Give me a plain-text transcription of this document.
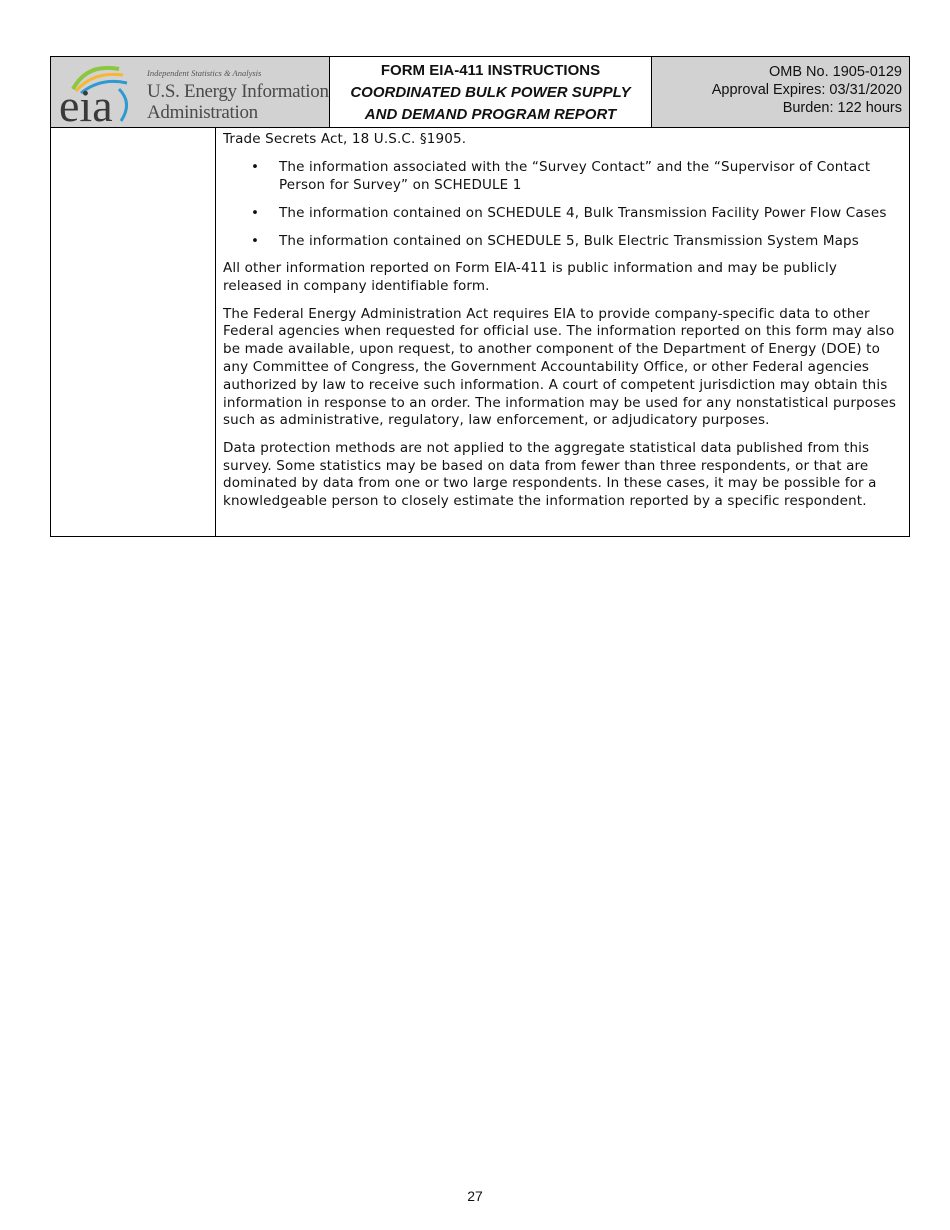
eia
Independent Statistics & Analysis
U.S. Energy Information
Administration
FORM EIA-411 INSTRUCTIONS
COORDINATED BULK POWER SUPPLY
AND DEMAND PROGRAM REPORT
OMB No. 1905-0129
Approval Expires: 03/31/2020
Burden: 122 hours

Trade Secrets Act, 18 U.S.C. §1905.

• The information associated with the “Survey Contact” and the “Supervisor of Contact Person for Survey” on SCHEDULE 1
• The information contained on SCHEDULE 4, Bulk Transmission Facility Power Flow Cases
• The information contained on SCHEDULE 5, Bulk Electric Transmission System Maps

All other information reported on Form EIA-411 is public information and may be publicly released in company identifiable form.

The Federal Energy Administration Act requires EIA to provide company-specific data to other Federal agencies when requested for official use. The information reported on this form may also be made available, upon request, to another component of the Department of Energy (DOE) to any Committee of Congress, the Government Accountability Office, or other Federal agencies authorized by law to receive such information. A court of competent jurisdiction may obtain this information in response to an order. The information may be used for any nonstatistical purposes such as administrative, regulatory, law enforcement, or adjudicatory purposes.

Data protection methods are not applied to the aggregate statistical data published from this survey. Some statistics may be based on data from fewer than three respondents, or that are dominated by data from one or two large respondents. In these cases, it may be possible for a knowledgeable person to closely estimate the information reported by a specific respondent.

27
